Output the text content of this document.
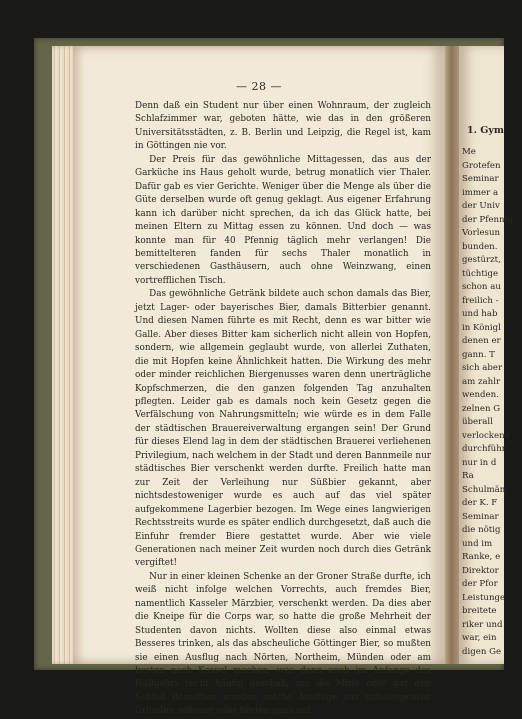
— 28 —

Denn daß ein Student nur über einen Wohnraum, der zugleich Schlafzimmer war, geboten hätte, wie das in den größeren Universitätsstädten, z. B. Berlin und Leipzig, die Regel ist, kam in Göttingen nie vor.

Der Preis für das gewöhnliche Mittagessen, das aus der Garküche ins Haus geholt wurde, betrug monatlich vier Thaler. Dafür gab es vier Gerichte. Weniger über die Menge als über die Güte derselben wurde oft genug geklagt. Aus eigener Erfahrung kann ich darüber nicht sprechen, da ich das Glück hatte, bei meinen Eltern zu Mittag essen zu können. Und doch — was konnte man für 40 Pfennig täglich mehr verlangen! Die bemittelteren fanden für sechs Thaler monatlich in verschiedenen Gasthäusern, auch ohne Weinzwang, einen vortrefflichen Tisch.

Das gewöhnliche Getränk bildete auch schon damals das Bier, jetzt Lager- oder bayerisches Bier, damals Bitterbier genannt. Und diesen Namen führte es mit Recht, denn es war bitter wie Galle. Aber dieses Bitter kam sicherlich nicht allein von Hopfen, sondern, wie allgemein geglaubt wurde, von allerlei Zuthaten, die mit Hopfen keine Ähnlichkeit hatten. Die Wirkung des mehr oder minder reichlichen Biergenusses waren denn unerträgliche Kopfschmerzen, die den ganzen folgenden Tag anzuhalten pflegten. Leider gab es damals noch kein Gesetz gegen die Verfälschung von Nahrungsmitteln; wie würde es in dem Falle der städtischen Brauereiverwaltung ergangen sein! Der Grund für dieses Elend lag in dem der städtischen Brauerei verliehenen Privilegium, nach welchem in der Stadt und deren Bannmeile nur städtisches Bier verschenkt werden durfte. Freilich hatte man zur Zeit der Verleihung nur Süßbier gekannt, aber nichtsdestoweniger wurde es auch auf das viel später aufgekommene Lagerbier bezogen. Im Wege eines langwierigen Rechtsstreits wurde es später endlich durchgesetzt, daß auch die Einfuhr fremder Biere gestattet wurde. Aber wie viele Generationen nach meiner Zeit wurden noch durch dies Getränk vergiftet!

Nur in einer kleinen Schenke an der Groner Straße durfte, ich weiß nicht infolge welchen Vorrechts, auch fremdes Bier, namentlich Kasseler Märzbier, verschenkt werden. Da dies aber die Kneipe für die Corps war, so hatte die große Mehrheit der Studenten davon nichts. Wollten diese also einmal etwas Besseres trinken, als das abscheuliche Göttinger Bier, so mußten sie einen Ausflug nach Nörten, Northeim, Münden oder am besten nach Kassel machen, was denn auch im Anfange des Halbjahrs recht häufig geschah; um die Mitte oder gar den Schluß desselben wurden solche Ausflüge aus naheliegenden Gründen seltener oder hörten ganz auf.

1. Gym
Me
Grotefen
Seminar
immer a
der Univ
der Pfennig
Vorlesun
bunden.
gestürzt,
tüchtige
schon au
freilich -
und hab
in Königl
denen er
gann. T
sich aber
am zahlr
wenden.
zelnen G
überall
verlockend
durchführ
nur in d
Ra
Schulmän
der K. F
Seminar
die nötig
und im
Ranke, e
Direktor
der Pfor
Leistunge
breitete
riker und
war, ein
digen Ge
